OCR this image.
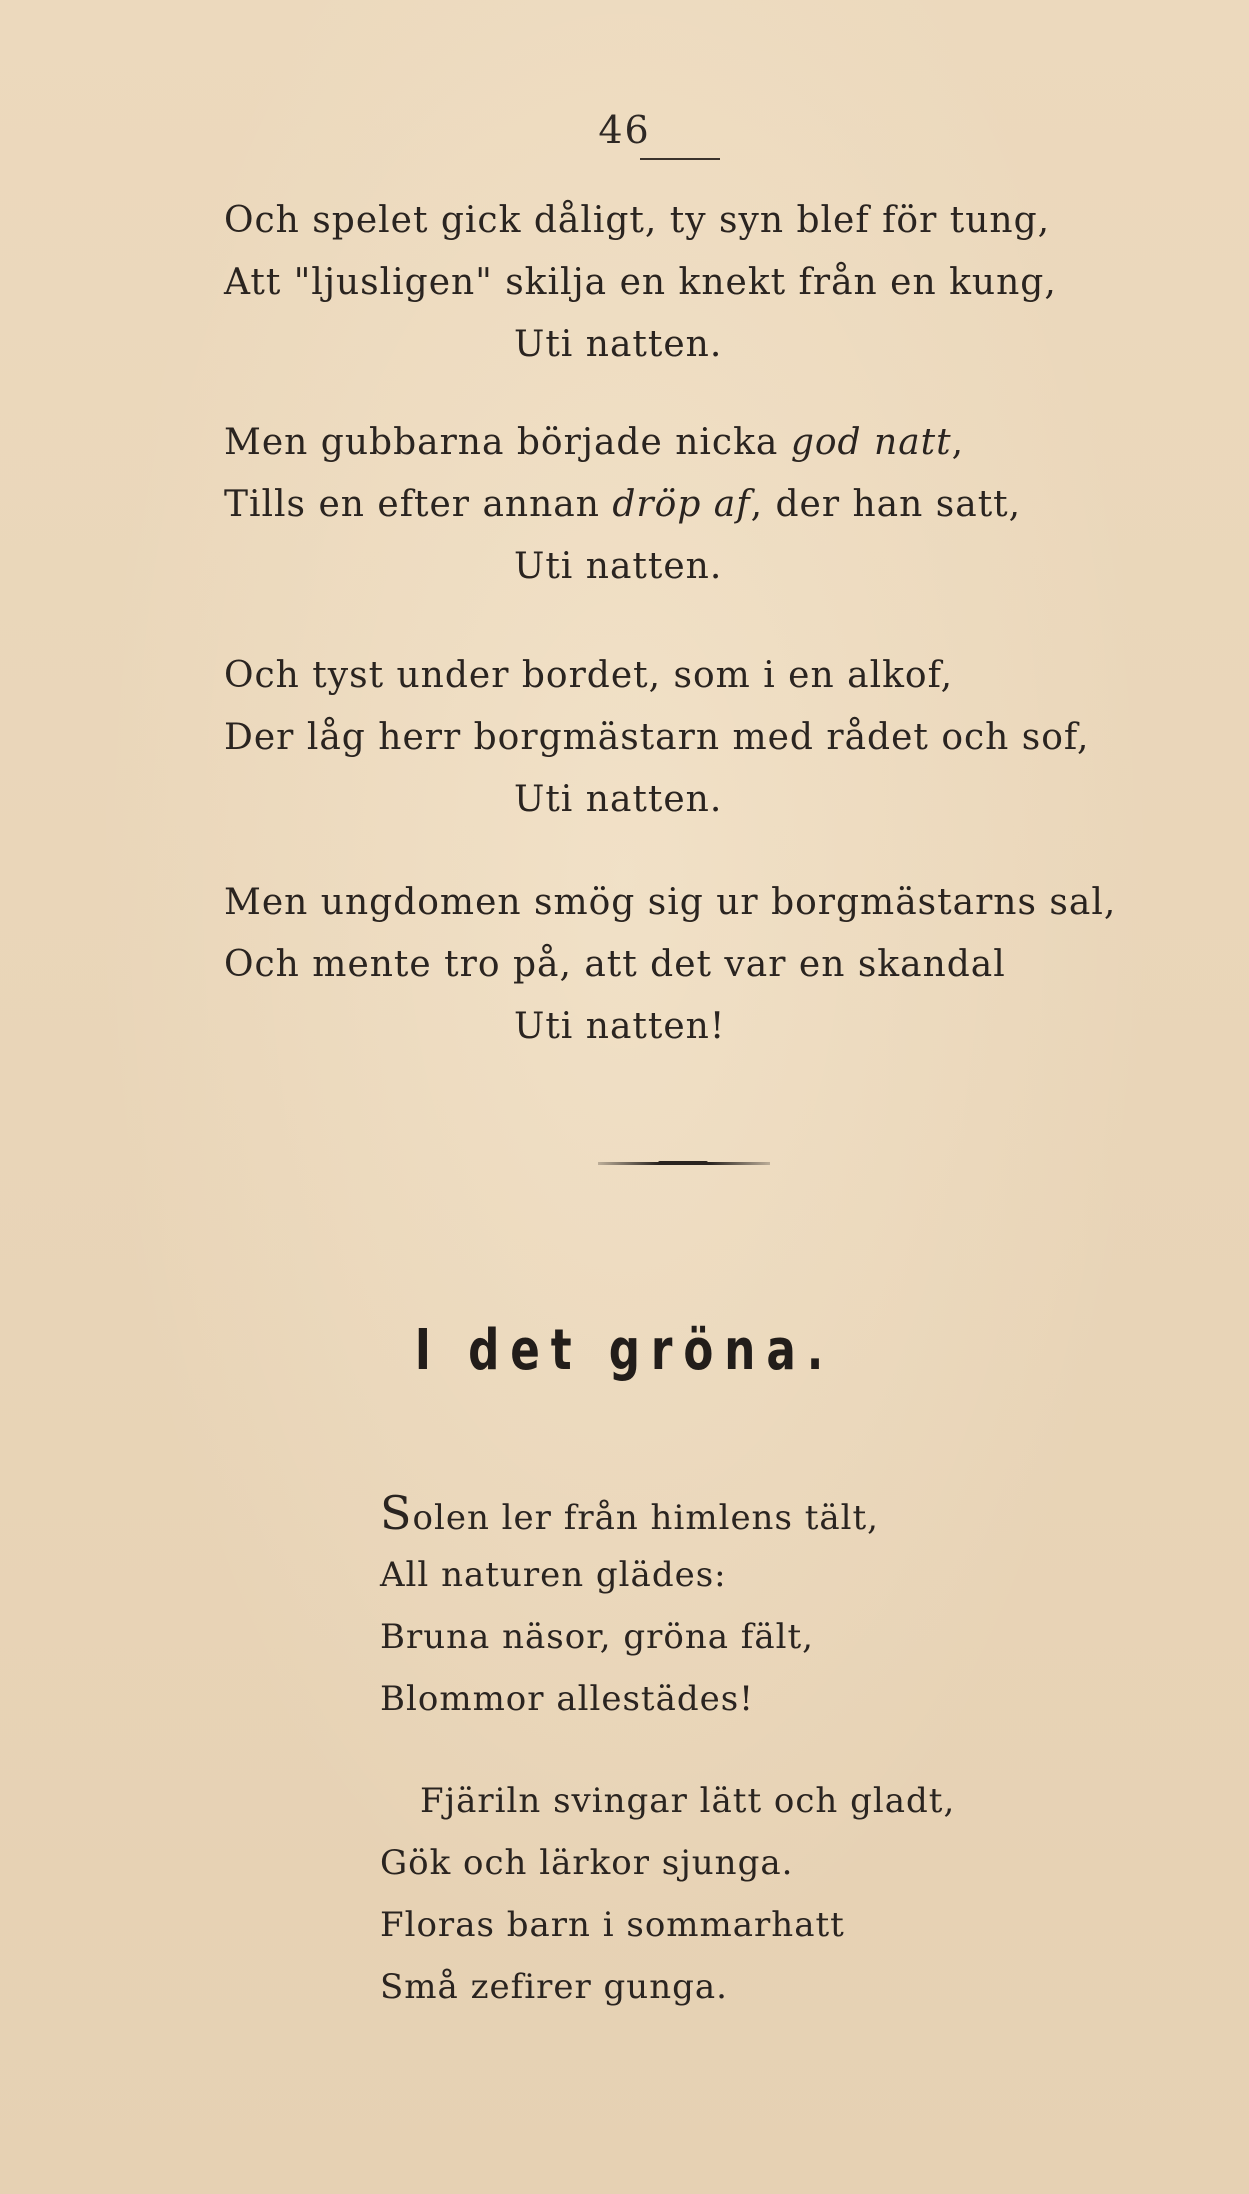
46
Och spelet gick dåligt, ty syn blef för tung,
Att "ljusligen" skilja en knekt från en kung,
Uti natten.
Men gubbarna började nicka god natt,
Tills en efter annan dröp af, der han satt,
Uti natten.
Och tyst under bordet, som i en alkof,
Der låg herr borgmästarn med rådet och sof,
Uti natten.
Men ungdomen smög sig ur borgmästarns sal,
Och mente tro på, att det var en skandal
Uti natten!
I det gröna.
Solen ler från himlens tält,
All naturen glädes:
Bruna näsor, gröna fält,
Blommor allestädes!
Fjäriln svingar lätt och gladt,
Gök och lärkor sjunga.
Floras barn i sommarhatt
Små zefirer gunga.
